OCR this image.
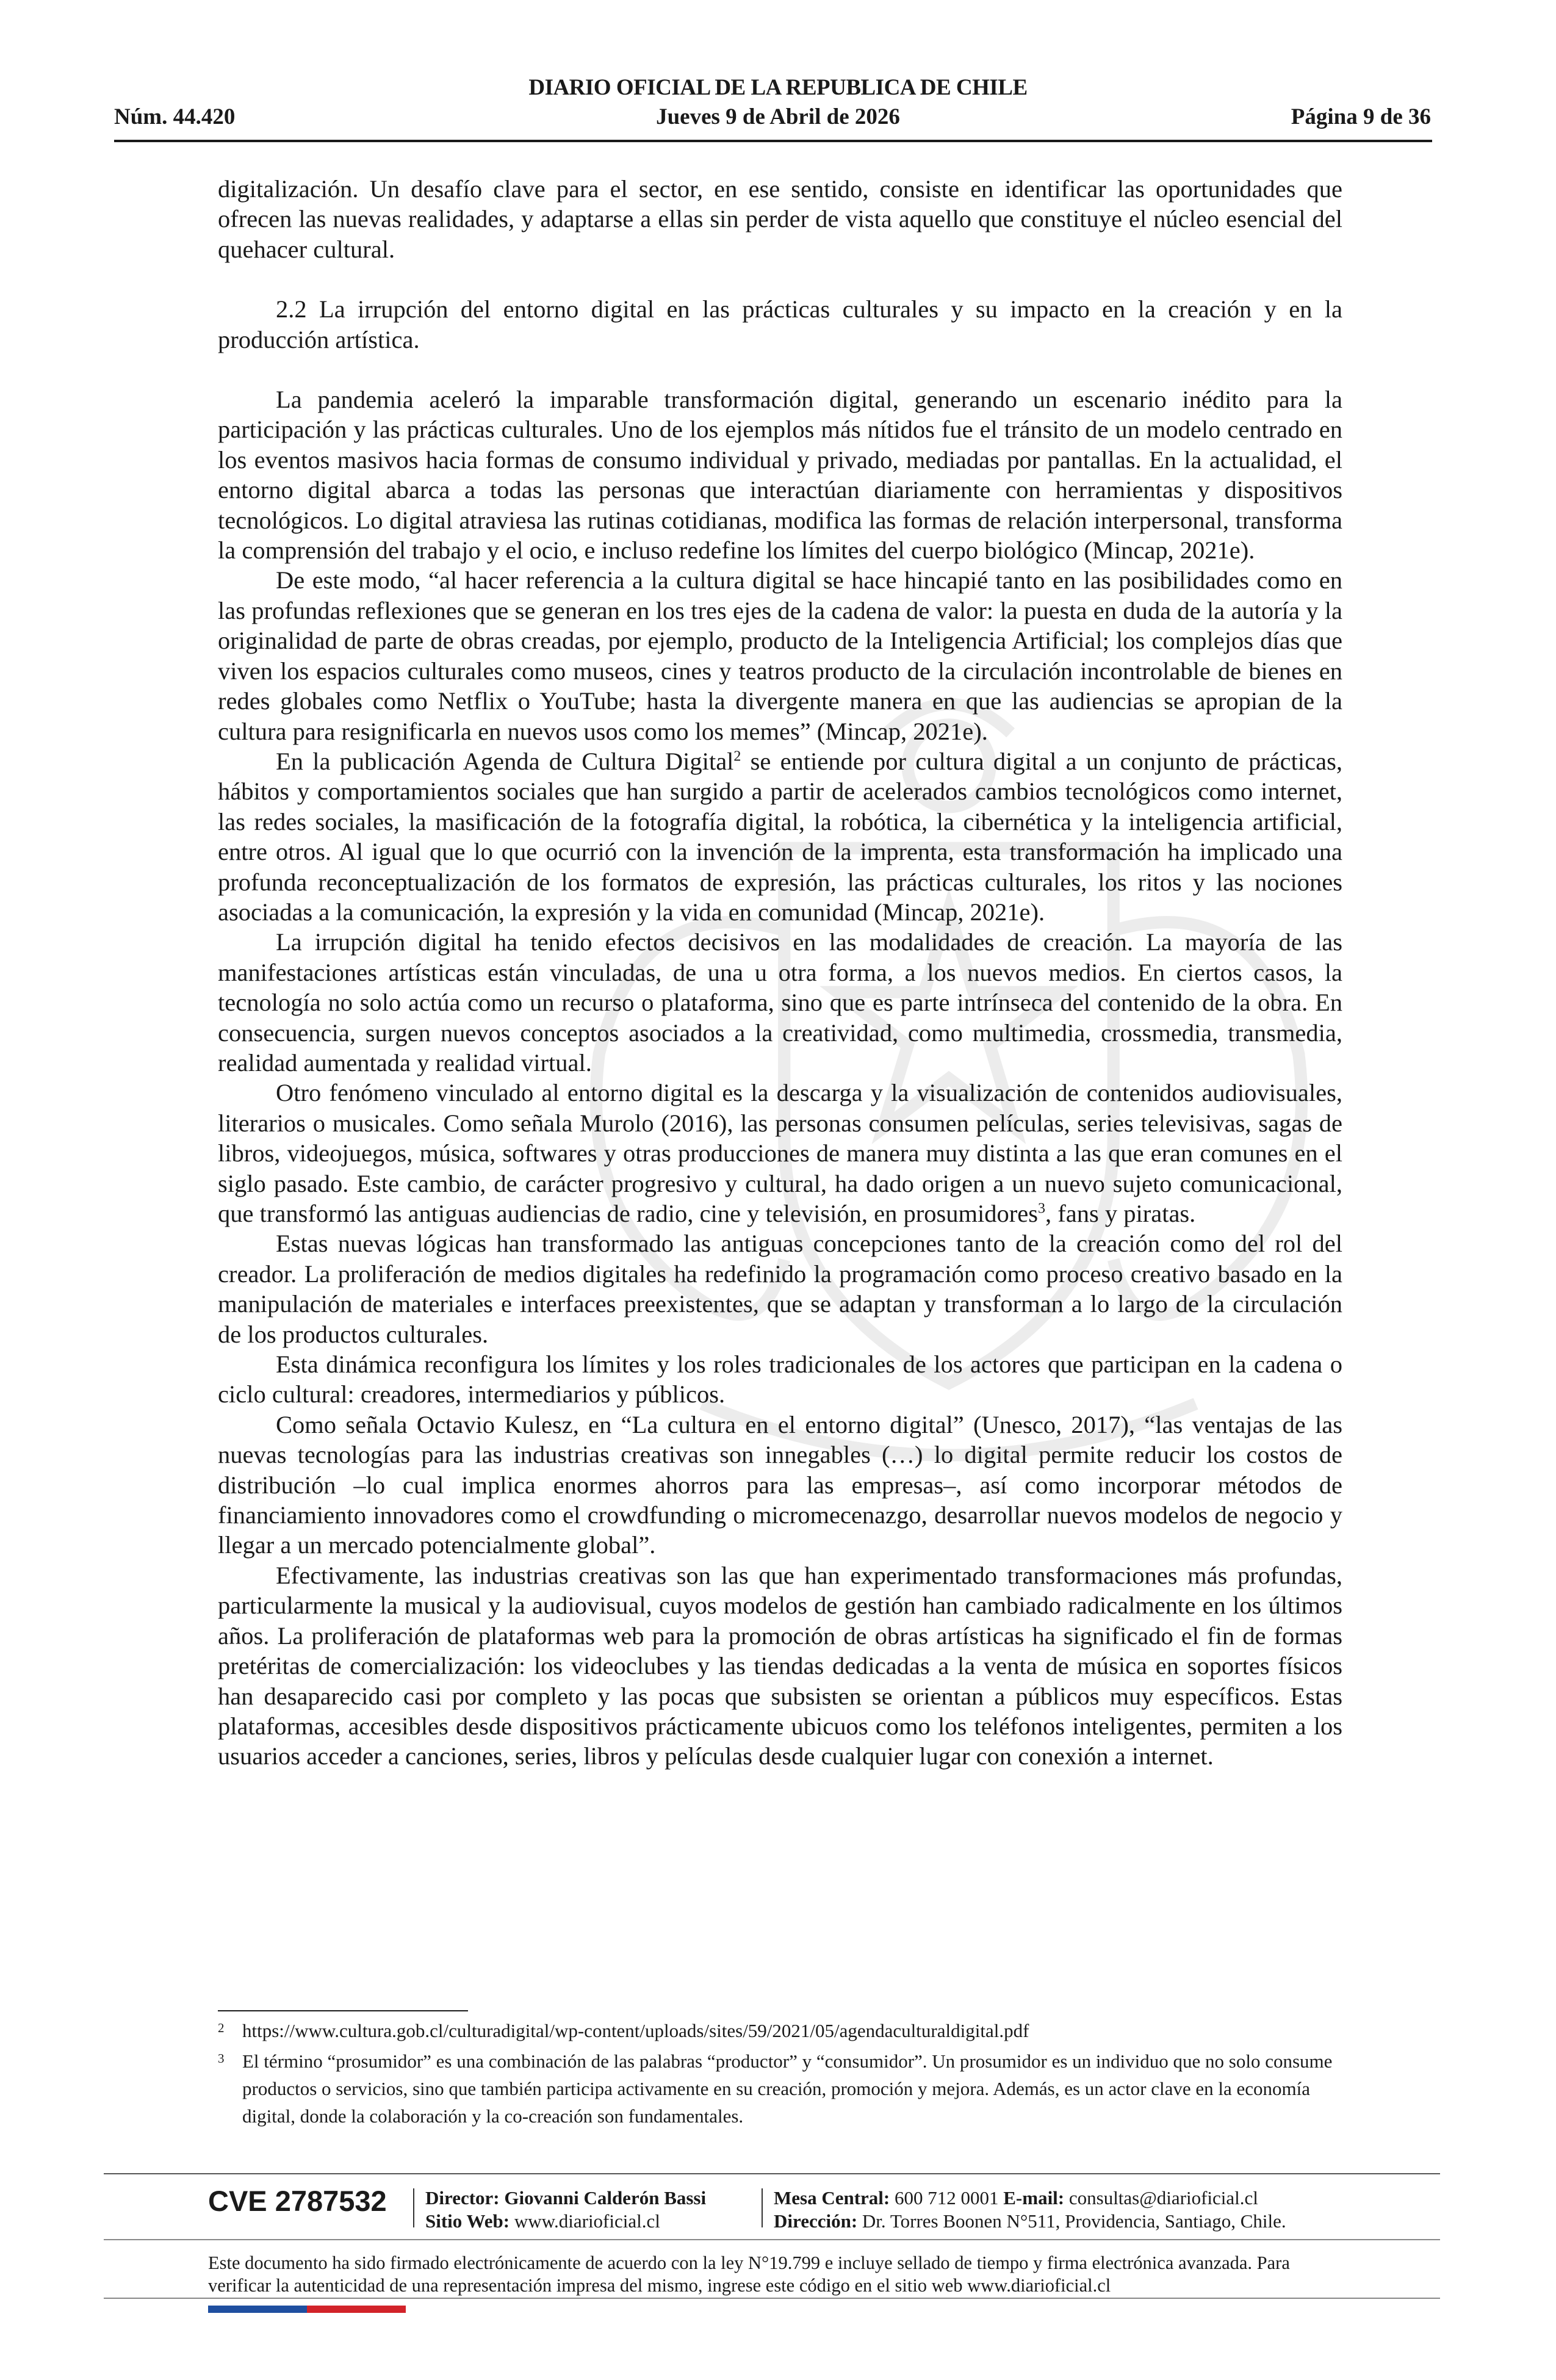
DIARIO OFICIAL DE LA REPUBLICA DE CHILE
Núm. 44.420	Jueves 9 de Abril de 2026	Página 9 de 36

digitalización. Un desafío clave para el sector, en ese sentido, consiste en identificar las oportunidades que ofrecen las nuevas realidades, y adaptarse a ellas sin perder de vista aquello que constituye el núcleo esencial del quehacer cultural.

2.2 La irrupción del entorno digital en las prácticas culturales y su impacto en la creación y en la producción artística.

La pandemia aceleró la imparable transformación digital, generando un escenario inédito para la participación y las prácticas culturales. Uno de los ejemplos más nítidos fue el tránsito de un modelo centrado en los eventos masivos hacia formas de consumo individual y privado, mediadas por pantallas. En la actualidad, el entorno digital abarca a todas las personas que interactúan diariamente con herramientas y dispositivos tecnológicos. Lo digital atraviesa las rutinas cotidianas, modifica las formas de relación interpersonal, transforma la comprensión del trabajo y el ocio, e incluso redefine los límites del cuerpo biológico (Mincap, 2021e).

De este modo, “al hacer referencia a la cultura digital se hace hincapié tanto en las posibilidades como en las profundas reflexiones que se generan en los tres ejes de la cadena de valor: la puesta en duda de la autoría y la originalidad de parte de obras creadas, por ejemplo, producto de la Inteligencia Artificial; los complejos días que viven los espacios culturales como museos, cines y teatros producto de la circulación incontrolable de bienes en redes globales como Netflix o YouTube; hasta la divergente manera en que las audiencias se apropian de la cultura para resignificarla en nuevos usos como los memes” (Mincap, 2021e).

En la publicación Agenda de Cultura Digital$^2$ se entiende por cultura digital a un conjunto de prácticas, hábitos y comportamientos sociales que han surgido a partir de acelerados cambios tecnológicos como internet, las redes sociales, la masificación de la fotografía digital, la robótica, la cibernética y la inteligencia artificial, entre otros. Al igual que lo que ocurrió con la invención de la imprenta, esta transformación ha implicado una profunda reconceptualización de los formatos de expresión, las prácticas culturales, los ritos y las nociones asociadas a la comunicación, la expresión y la vida en comunidad (Mincap, 2021e).

La irrupción digital ha tenido efectos decisivos en las modalidades de creación. La mayoría de las manifestaciones artísticas están vinculadas, de una u otra forma, a los nuevos medios. En ciertos casos, la tecnología no solo actúa como un recurso o plataforma, sino que es parte intrínseca del contenido de la obra. En consecuencia, surgen nuevos conceptos asociados a la creatividad, como multimedia, crossmedia, transmedia, realidad aumentada y realidad virtual.

Otro fenómeno vinculado al entorno digital es la descarga y la visualización de contenidos audiovisuales, literarios o musicales. Como señala Murolo (2016), las personas consumen películas, series televisivas, sagas de libros, videojuegos, música, softwares y otras producciones de manera muy distinta a las que eran comunes en el siglo pasado. Este cambio, de carácter progresivo y cultural, ha dado origen a un nuevo sujeto comunicacional, que transformó las antiguas audiencias de radio, cine y televisión, en prosumidores$^3$, fans y piratas.

Estas nuevas lógicas han transformado las antiguas concepciones tanto de la creación como del rol del creador. La proliferación de medios digitales ha redefinido la programación como proceso creativo basado en la manipulación de materiales e interfaces preexistentes, que se adaptan y transforman a lo largo de la circulación de los productos culturales.

Esta dinámica reconfigura los límites y los roles tradicionales de los actores que participan en la cadena o ciclo cultural: creadores, intermediarios y públicos.

Como señala Octavio Kulesz, en “La cultura en el entorno digital” (Unesco, 2017), “las ventajas de las nuevas tecnologías para las industrias creativas son innegables (…) lo digital permite reducir los costos de distribución –lo cual implica enormes ahorros para las empresas–, así como incorporar métodos de financiamiento innovadores como el crowdfunding o micromecenazgo, desarrollar nuevos modelos de negocio y llegar a un mercado potencialmente global”.

Efectivamente, las industrias creativas son las que han experimentado transformaciones más profundas, particularmente la musical y la audiovisual, cuyos modelos de gestión han cambiado radicalmente en los últimos años. La proliferación de plataformas web para la promoción de obras artísticas ha significado el fin de formas pretéritas de comercialización: los videoclubes y las tiendas dedicadas a la venta de música en soportes físicos han desaparecido casi por completo y las pocas que subsisten se orientan a públicos muy específicos. Estas plataformas, accesibles desde dispositivos prácticamente ubicuos como los teléfonos inteligentes, permiten a los usuarios acceder a canciones, series, libros y películas desde cualquier lugar con conexión a internet.

2 https://www.cultura.gob.cl/culturadigital/wp-content/uploads/sites/59/2021/05/agendaculturaldigital.pdf
3 El término “prosumidor” es una combinación de las palabras “productor” y “consumidor”. Un prosumidor es un individuo que no solo consume productos o servicios, sino que también participa activamente en su creación, promoción y mejora. Además, es un actor clave en la economía digital, donde la colaboración y la co-creación son fundamentales.
CVE 2787532 Director: Giovanni Calderón Bassi
Sitio Web: www.diarioficial.cl
Mesa Central: 600 712 0001 E-mail: consultas@diarioficial.cl
Dirección: Dr. Torres Boonen N°511, Providencia, Santiago, Chile.
Este documento ha sido firmado electrónicamente de acuerdo con la ley N°19.799 e incluye sellado de tiempo y firma electrónica avanzada. Para verificar la autenticidad de una representación impresa del mismo, ingrese este código en el sitio web www.diarioficial.cl
